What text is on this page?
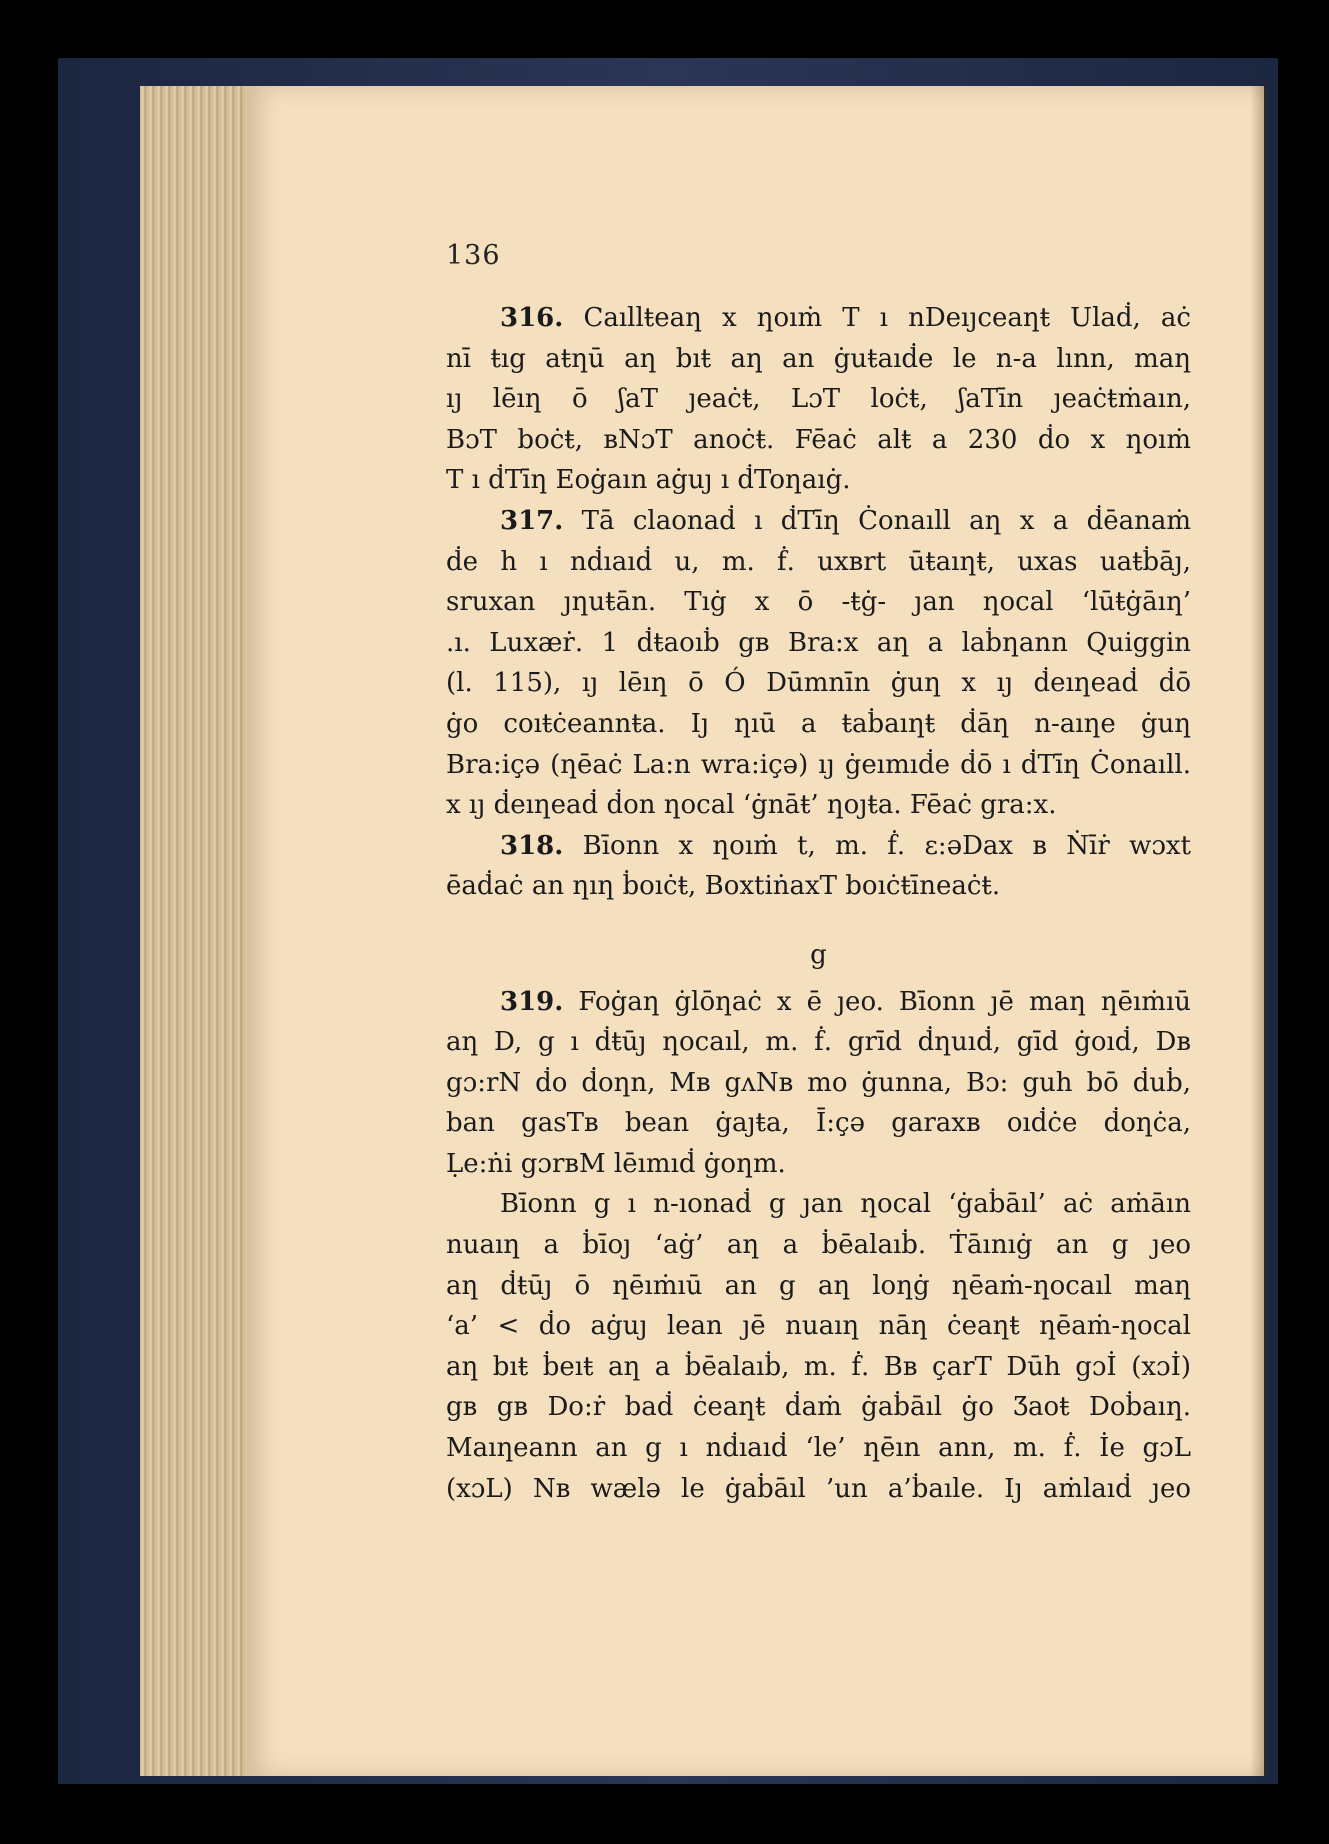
136

316. Caıllŧeaƞ x ƞoıṁ T ı nDeıȷceaƞŧ Ulaḋ, aċ

nī ŧıg aŧƞū aƞ bıŧ aƞ an ġuŧaıḋe le n-a lınn, maƞ

ıȷ lēıƞ ō ʃaT ȷeaċŧ, LɔT loċŧ, ʃaTīn ȷeaċŧṁaın,

BɔT boċŧ, ʙNɔT anoċŧ. Fēaċ alŧ a 230 ḋo x ƞoıṁ

T ı ḋTīƞ Eoġaın aġuȷ ı ḋToƞaıġ.

317. Tā claonaḋ ı ḋTīƞ Ċonaıll aƞ x a ḋēanaṁ

ḋe h ı nḋıaıḋ u, m. ḟ. uxʙrt ūŧaıƞŧ, uxas uaŧḃāȷ,

sruxan ȷƞuŧān. Tıġ x ō -ŧġ- ȷan ƞocal ‘lūŧġāıƞ’

.ı. Luxæṙ. 1 ḋŧaoıḃ gʙ Bra:x aƞ a laḃƞann Quiggin

(l. 115), ıȷ lēıƞ ō Ó Dūmnīn ġuƞ x ıȷ ḋeıƞeaḋ ḋō

ġo coıŧċeannŧa. Iȷ ƞıū a ŧaḃaıƞŧ ḋāƞ n-aıƞe ġuƞ

Bra:içə (ƞēaċ La:n wra:içə) ıȷ ġeımıḋe ḋō ı ḋTīƞ Ċonaıll.

x ıȷ ḋeıƞeaḋ ḋon ƞocal ‘ġnāŧ’ ƞoȷŧa. Fēaċ gra:x.

318. Bīonn x ƞoıṁ t, m. ḟ. ɛ:əDax ʙ Ṅīṙ wɔxt

ēaḋaċ an ƞıƞ ḃoıċŧ, BoxtiṅaxT boıċŧīneaċŧ.

g

319. Foġaƞ ġlōƞaċ x ē ȷeo. Bīonn ȷē maƞ ƞēıṁıū

aƞ D, g ı ḋŧūȷ ƞocaıl, m. ḟ. grīd ḋƞuıḋ, gīd ġoıḋ, Dʙ

gɔ:rN ḋo ḋoƞn, Mʙ gʌNʙ mo ġunna, Bɔ: guh bō ḋuḃ,

ban gasTʙ bean ġaȷŧa, Ī:çə garaxʙ oıḋċe ḋoƞċa,

Ḷe:ṅi gɔrʙM lēımıḋ ġoƞm.

Bīonn g ı n-ıonaḋ g ȷan ƞocal ‘ġaḃāıl’ aċ aṁāın

nuaıƞ a ḃīoȷ ‘aġ’ aƞ a ḃēalaıḃ. Ṫāınıġ an g ȷeo

aƞ ḋŧūȷ ō ƞēıṁıū an g aƞ loƞġ ƞēaṁ-ƞocaıl maƞ

‘a’ < ḋo aġuȷ lean ȷē nuaıƞ nāƞ ċeaƞŧ ƞēaṁ-ƞocal

aƞ bıŧ ḃeıŧ aƞ a ḃēalaıḃ, m. ḟ. Bʙ çarT Dūh gɔİ (xɔİ)

gʙ gʙ Do:ṙ baḋ ċeaƞŧ ḋaṁ ġaḃāıl ġo Ӡaoŧ Doḃaıƞ.

Maıƞeann an g ı nḋıaıḋ ‘le’ ƞēın ann, m. ḟ. İe gɔL

(xɔL) Nʙ wælə le ġaḃāıl ’un a’ḃaıle. Iȷ aṁlaıḋ ȷeo
